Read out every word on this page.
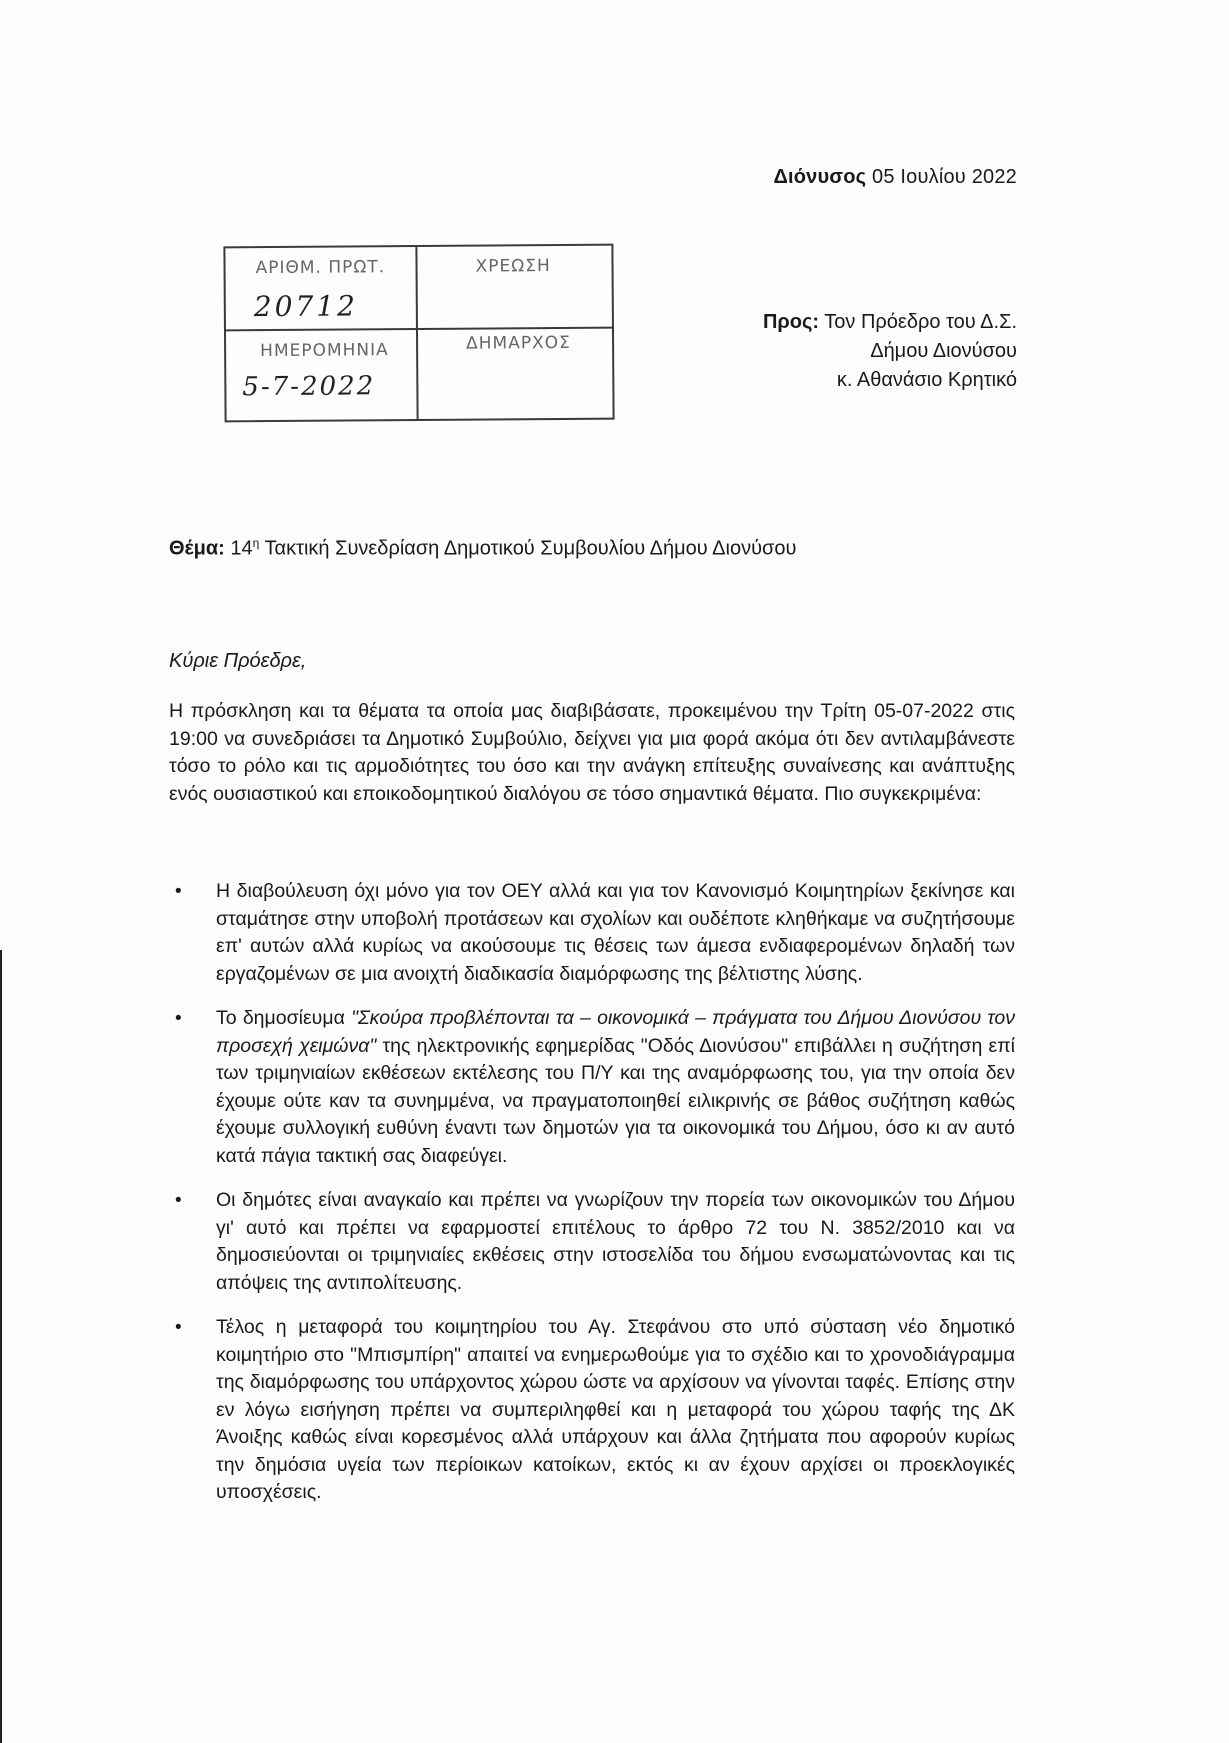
Διόνυσος 05 Ιουλίου 2022
ΑΡΙΘΜ. ΠΡΩΤ.
20712
ΧΡΕΩΣΗ
ΗΜΕΡΟΜΗΝΙΑ
5-7-2022
ΔΗΜΑΡΧΟΣ
Προς: Τον Πρόεδρο του Δ.Σ.
Δήμου Διονύσου
κ. Αθανάσιο Κρητικό
Θέμα: $14^\eta$ Τακτική Συνεδρίαση Δημοτικού Συμβουλίου Δήμου Διονύσου
Κύριε Πρόεδρε,
Η πρόσκληση και τα θέματα τα οποία μας διαβιβάσατε, προκειμένου την Τρίτη 05-07-2022 στις 19:00 να συνεδριάσει τα Δημοτικό Συμβούλιο, δείχνει για μια φορά ακόμα ότι δεν αντιλαμβάνεστε τόσο το ρόλο και τις αρμοδιότητες του όσο και την ανάγκη επίτευξης συναίνεσης και ανάπτυξης ενός ουσιαστικού και εποικοδομητικού διαλόγου σε τόσο σημαντικά θέματα. Πιο συγκεκριμένα:
• Η διαβούλευση όχι μόνο για τον ΟΕΥ αλλά και για τον Κανονισμό Κοιμητηρίων ξεκίνησε και σταμάτησε στην υποβολή προτάσεων και σχολίων και ουδέποτε κληθήκαμε να συζητήσουμε επ' αυτών αλλά κυρίως να ακούσουμε τις θέσεις των άμεσα ενδιαφερομένων δηλαδή των εργαζομένων σε μια ανοιχτή διαδικασία διαμόρφωσης της βέλτιστης λύσης.
• Το δημοσίευμα "Σκούρα προβλέπονται τα – οικονομικά – πράγματα του Δήμου Διονύσου τον προσεχή χειμώνα" της ηλεκτρονικής εφημερίδας "Οδός Διονύσου" επιβάλλει η συζήτηση επί των τριμηνιαίων εκθέσεων εκτέλεσης του Π/Υ και της αναμόρφωσης του, για την οποία δεν έχουμε ούτε καν τα συνημμένα, να πραγματοποιηθεί ειλικρινής σε βάθος συζήτηση καθώς έχουμε συλλογική ευθύνη έναντι των δημοτών για τα οικονομικά του Δήμου, όσο κι αν αυτό κατά πάγια τακτική σας διαφεύγει.
• Οι δημότες είναι αναγκαίο και πρέπει να γνωρίζουν την πορεία των οικονομικών του Δήμου γι' αυτό και πρέπει να εφαρμοστεί επιτέλους το άρθρο 72 του Ν. 3852/2010 και να δημοσιεύονται οι τριμηνιαίες εκθέσεις στην ιστοσελίδα του δήμου ενσωματώνοντας και τις απόψεις της αντιπολίτευσης.
• Τέλος η μεταφορά του κοιμητηρίου του Αγ. Στεφάνου στο υπό σύσταση νέο δημοτικό κοιμητήριο στο "Μπισμπίρη" απαιτεί να ενημερωθούμε για το σχέδιο και το χρονοδιάγραμμα της διαμόρφωσης του υπάρχοντος χώρου ώστε να αρχίσουν να γίνονται ταφές. Επίσης στην εν λόγω εισήγηση πρέπει να συμπεριληφθεί και η μεταφορά του χώρου ταφής της ΔΚ Άνοιξης καθώς είναι κορεσμένος αλλά υπάρχουν και άλλα ζητήματα που αφορούν κυρίως την δημόσια υγεία των περίοικων κατοίκων, εκτός κι αν έχουν αρχίσει οι προεκλογικές υποσχέσεις.
